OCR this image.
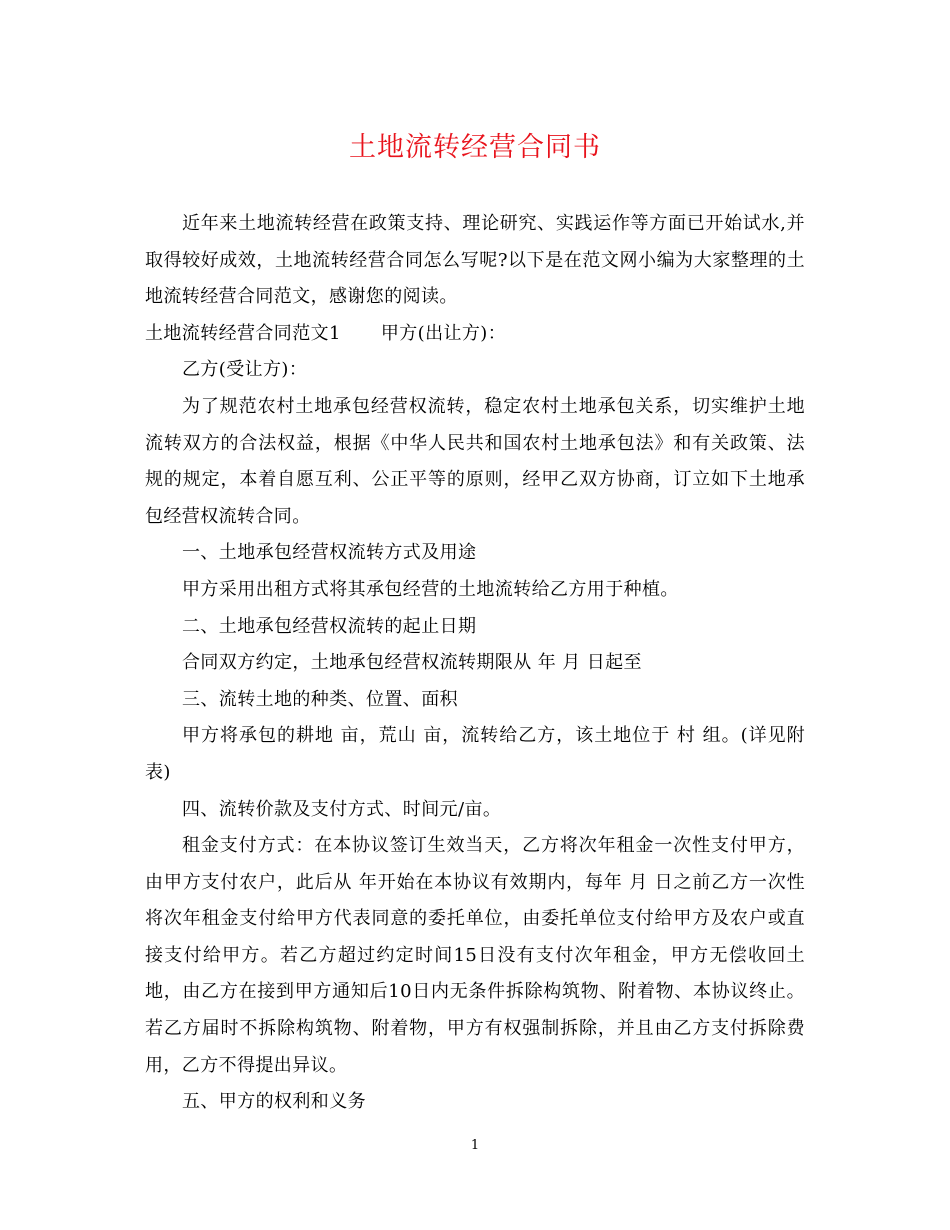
土地流转经营合同书

近年来土地流转经营在政策支持、理论研究、实践运作等方面已开始试水,并取得较好成效，土地流转经营合同怎么写呢?以下是在范文网小编为大家整理的土地流转经营合同范文，感谢您的阅读。

土地流转经营合同范文1 甲方(出让方)：

乙方(受让方)：

为了规范农村土地承包经营权流转，稳定农村土地承包关系，切实维护土地流转双方的合法权益，根据《中华人民共和国农村土地承包法》和有关政策、法规的规定，本着自愿互利、公正平等的原则，经甲乙双方协商，订立如下土地承包经营权流转合同。

一、土地承包经营权流转方式及用途

甲方采用出租方式将其承包经营的土地流转给乙方用于种植。

二、土地承包经营权流转的起止日期

合同双方约定，土地承包经营权流转期限从 年 月 日起至

三、流转土地的种类、位置、面积

甲方将承包的耕地 亩，荒山 亩，流转给乙方，该土地位于 村 组。(详见附表)

四、流转价款及支付方式、时间元/亩。

租金支付方式：在本协议签订生效当天，乙方将次年租金一次性支付甲方，由甲方支付农户，此后从 年开始在本协议有效期内，每年 月 日之前乙方一次性将次年租金支付给甲方代表同意的委托单位，由委托单位支付给甲方及农户或直接支付给甲方。若乙方超过约定时间15日没有支付次年租金，甲方无偿收回土地，由乙方在接到甲方通知后10日内无条件拆除构筑物、附着物、本协议终止。若乙方届时不拆除构筑物、附着物，甲方有权强制拆除，并且由乙方支付拆除费用，乙方不得提出异议。

五、甲方的权利和义务

1
